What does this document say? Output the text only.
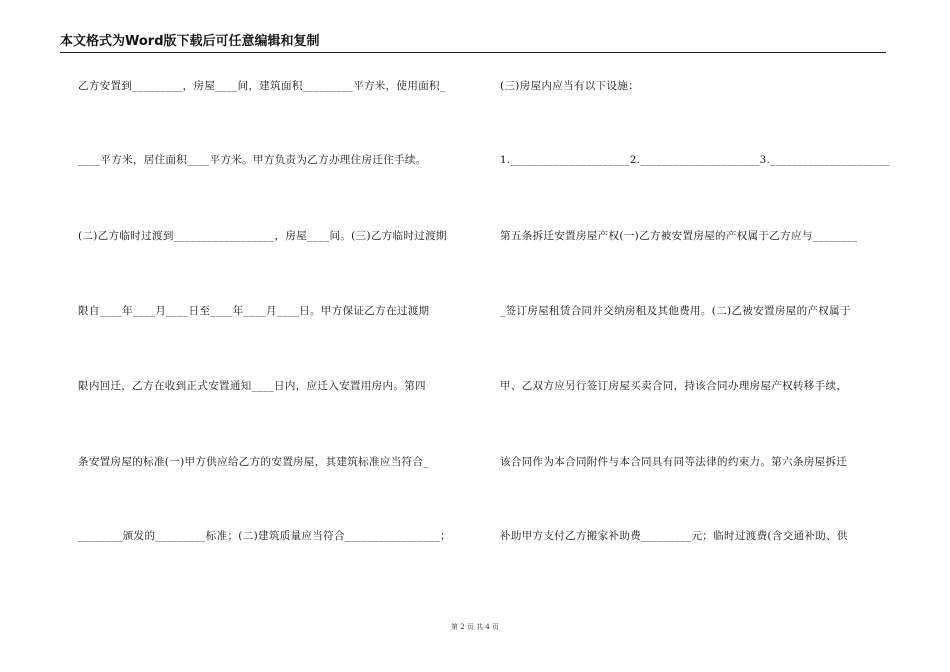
本文格式为Word版下载后可任意编辑和复制
乙方安置到_________，房屋____间，建筑面积_________平方米，使用面积_
____平方米，居住面积____平方米。甲方负责为乙方办理住房迁住手续。
(二)乙方临时过渡到__________________，房屋____间。(三)乙方临时过渡期
限自____年____月____日至____年____月____日。甲方保证乙方在过渡期
限内回迁，乙方在收到正式安置通知____日内，应迁入安置用房内。第四
条安置房屋的标准(一)甲方供应给乙方的安置房屋，其建筑标准应当符合_
________颁发的_________标准；(二)建筑质量应当符合_________________；
(三)房屋内应当有以下设施：
1.______________________2.______________________3.______________________
第五条拆迁安置房屋产权(一)乙方被安置房屋的产权属于乙方应与________
_签订房屋租赁合同并交纳房租及其他费用。(二)乙被安置房屋的产权属于
甲、乙双方应另行签订房屋买卖合同，持该合同办理房屋产权转移手续，
该合同作为本合同附件与本合同具有同等法律的约束力。第六条房屋拆迁
补助甲方支付乙方搬家补助费_________元；临时过渡费(含交通补助、供
第 2 页 共 4 页
